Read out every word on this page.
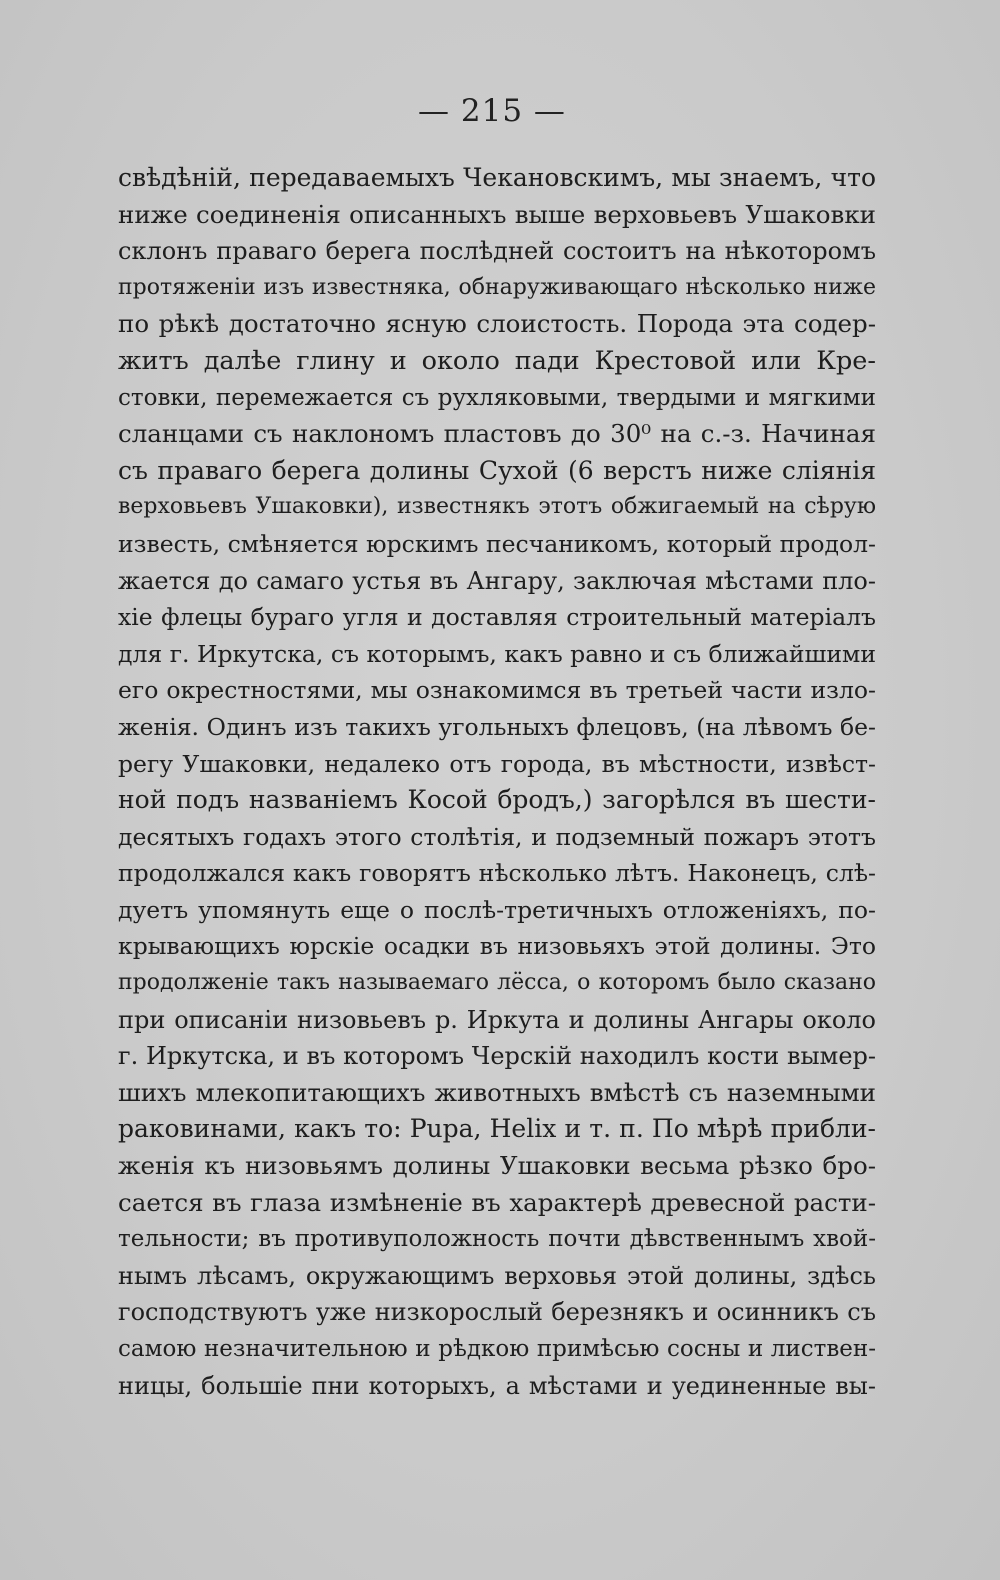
— 215 —
свѣдѣній, передаваемыхъ Чекановскимъ, мы знаемъ, что
ниже соединенія описанныхъ выше верховьевъ Ушаковки
склонъ праваго берега послѣдней состоитъ на нѣкоторомъ
протяженіи изъ известняка, обнаруживающаго нѣсколько ниже
по рѣкѣ достаточно ясную слоистость. Порода эта содер-
житъ далѣе глину и около пади Крестовой или Кре-
стовки, перемежается съ рухляковыми, твердыми и мягкими
сланцами съ наклономъ пластовъ до 30⁰ на с.-з. Начиная
съ праваго берега долины Сухой (6 верстъ ниже сліянія
верховьевъ Ушаковки), известнякъ этотъ обжигаемый на сѣрую
известь, смѣняется юрскимъ песчаникомъ, который продол-
жается до самаго устья въ Ангару, заключая мѣстами пло-
хіе флецы бураго угля и доставляя строительный матеріалъ
для г. Иркутска, съ которымъ, какъ равно и съ ближайшими
его окрестностями, мы ознакомимся въ третьей части изло-
женія. Одинъ изъ такихъ угольныхъ флецовъ, (на лѣвомъ бе-
регу Ушаковки, недалеко отъ города, въ мѣстности, извѣст-
ной подъ названіемъ Косой бродъ,) загорѣлся въ шести-
десятыхъ годахъ этого столѣтія, и подземный пожаръ этотъ
продолжался какъ говорятъ нѣсколько лѣтъ. Наконецъ, слѣ-
дуетъ упомянуть еще о послѣ-третичныхъ отложеніяхъ, по-
крывающихъ юрскіе осадки въ низовьяхъ этой долины. Это
продолженіе такъ называемаго лёсса, о которомъ было сказано
при описаніи низовьевъ р. Иркута и долины Ангары около
г. Иркутска, и въ которомъ Черскій находилъ кости вымер-
шихъ млекопитающихъ животныхъ вмѣстѣ съ наземными
раковинами, какъ то: Pupa, Helix и т. п. По мѣрѣ прибли-
женія къ низовьямъ долины Ушаковки весьма рѣзко бро-
сается въ глаза измѣненіе въ характерѣ древесной расти-
тельности; въ противуположность почти дѣвственнымъ хвой-
нымъ лѣсамъ, окружающимъ верховья этой долины, здѣсь
господствуютъ уже низкорослый березнякъ и осинникъ съ
самою незначительною и рѣдкою примѣсью сосны и листвен-
ницы, большіе пни которыхъ, а мѣстами и уединенные вы-
